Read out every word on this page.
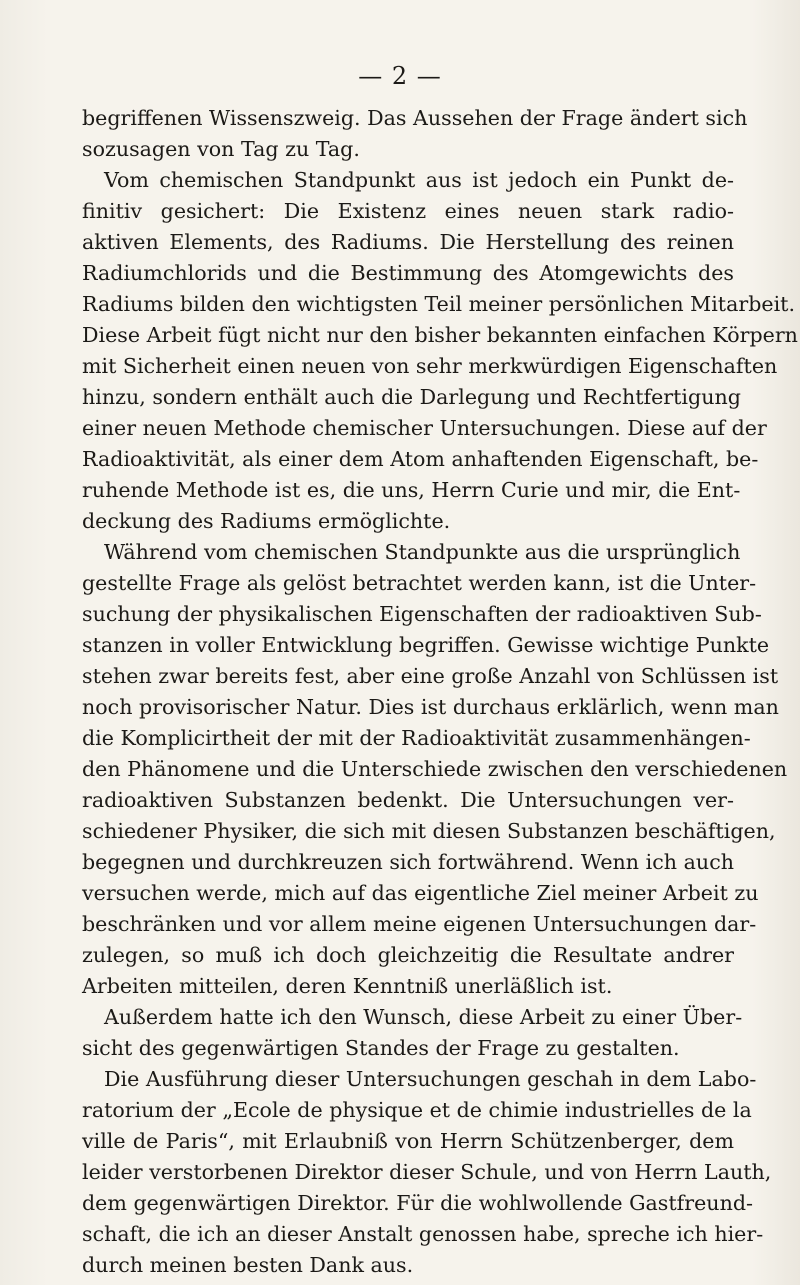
— 2 —
begriffenen Wissenszweig. Das Aussehen der Frage ändert sich
sozusagen von Tag zu Tag.
Vom chemischen Standpunkt aus ist jedoch ein Punkt de-
finitiv gesichert: Die Existenz eines neuen stark radio-
aktiven Elements, des Radiums. Die Herstellung des reinen
Radiumchlorids und die Bestimmung des Atomgewichts des
Radiums bilden den wichtigsten Teil meiner persönlichen Mitarbeit.
Diese Arbeit fügt nicht nur den bisher bekannten einfachen Körpern
mit Sicherheit einen neuen von sehr merkwürdigen Eigenschaften
hinzu, sondern enthält auch die Darlegung und Rechtfertigung
einer neuen Methode chemischer Untersuchungen. Diese auf der
Radioaktivität, als einer dem Atom anhaftenden Eigenschaft, be-
ruhende Methode ist es, die uns, Herrn Curie und mir, die Ent-
deckung des Radiums ermöglichte.
Während vom chemischen Standpunkte aus die ursprünglich
gestellte Frage als gelöst betrachtet werden kann, ist die Unter-
suchung der physikalischen Eigenschaften der radioaktiven Sub-
stanzen in voller Entwicklung begriffen. Gewisse wichtige Punkte
stehen zwar bereits fest, aber eine große Anzahl von Schlüssen ist
noch provisorischer Natur. Dies ist durchaus erklärlich, wenn man
die Komplicirtheit der mit der Radioaktivität zusammenhängen-
den Phänomene und die Unterschiede zwischen den verschiedenen
radioaktiven Substanzen bedenkt. Die Untersuchungen ver-
schiedener Physiker, die sich mit diesen Substanzen beschäftigen,
begegnen und durchkreuzen sich fortwährend. Wenn ich auch
versuchen werde, mich auf das eigentliche Ziel meiner Arbeit zu
beschränken und vor allem meine eigenen Untersuchungen dar-
zulegen, so muß ich doch gleichzeitig die Resultate andrer
Arbeiten mitteilen, deren Kenntniß unerläßlich ist.
Außerdem hatte ich den Wunsch, diese Arbeit zu einer Über-
sicht des gegenwärtigen Standes der Frage zu gestalten.
Die Ausführung dieser Untersuchungen geschah in dem Labo-
ratorium der „Ecole de physique et de chimie industrielles de la
ville de Paris“, mit Erlaubniß von Herrn Schützenberger, dem
leider verstorbenen Direktor dieser Schule, und von Herrn Lauth,
dem gegenwärtigen Direktor. Für die wohlwollende Gastfreund-
schaft, die ich an dieser Anstalt genossen habe, spreche ich hier-
durch meinen besten Dank aus.
